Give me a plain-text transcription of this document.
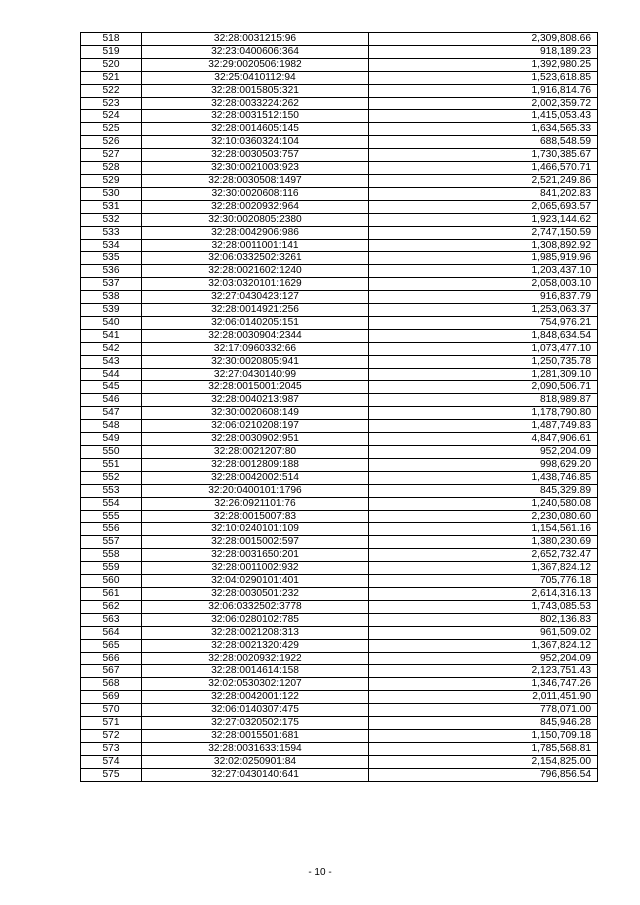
518	32:28:0031215:96	2,309,808.66
519	32:23:0400606:364	918,189.23
520	32:29:0020506:1982	1,392,980.25
521	32:25:0410112:94	1,523,618.85
522	32:28:0015805:321	1,916,814.76
523	32:28:0033224:262	2,002,359.72
524	32:28:0031512:150	1,415,053.43
525	32:28:0014605:145	1,634,565.33
526	32:10:0360324:104	688,548.59
527	32:28:0030503:757	1,730,385.67
528	32:30:0021003:923	1,466,570.71
529	32:28:0030508:1497	2,521,249.86
530	32:30:0020608:116	841,202.83
531	32:28:0020932:964	2,065,693.57
532	32:30:0020805:2380	1,923,144.62
533	32:28:0042906:986	2,747,150.59
534	32:28:0011001:141	1,308,892.92
535	32:06:0332502:3261	1,985,919.96
536	32:28:0021602:1240	1,203,437.10
537	32:03:0320101:1629	2,058,003.10
538	32:27:0430423:127	916,837.79
539	32:28:0014921:256	1,253,063.37
540	32:06:0140205:151	754,976.21
541	32:28:0030904:2344	1,848,634.54
542	32:17:0960332:66	1,073,477.10
543	32:30:0020805:941	1,250,735.78
544	32:27:0430140:99	1,281,309.10
545	32:28:0015001:2045	2,090,506.71
546	32:28:0040213:987	818,989.87
547	32:30:0020608:149	1,178,790.80
548	32:06:0210208:197	1,487,749.83
549	32:28:0030902:951	4,847,906.61
550	32:28:0021207:80	952,204.09
551	32:28:0012809:188	998,629.20
552	32:28:0042002:514	1,438,746.85
553	32:20:0400101:1796	845,329.89
554	32:26:0921101:76	1,240,580.08
555	32:28:0015007:83	2,230,080.60
556	32:10:0240101:109	1,154,561.16
557	32:28:0015002:597	1,380,230.69
558	32:28:0031650:201	2,652,732.47
559	32:28:0011002:932	1,367,824.12
560	32:04:0290101:401	705,776.18
561	32:28:0030501:232	2,614,316.13
562	32:06:0332502:3778	1,743,085.53
563	32:06:0280102:785	802,136.83
564	32:28:0021208:313	961,509.02
565	32:28:0021320:429	1,367,824.12
566	32:28:0020932:1922	952,204.09
567	32:28:0014614:158	2,123,751.43
568	32:02:0530302:1207	1,346,747.26
569	32:28:0042001:122	2,011,451.90
570	32:06:0140307:475	778,071.00
571	32:27:0320502:175	845,946.28
572	32:28:0015501:681	1,150,709.18
573	32:28:0031633:1594	1,785,568.81
574	32:02:0250901:84	2,154,825.00
575	32:27:0430140:641	796,856.54
- 10 -
